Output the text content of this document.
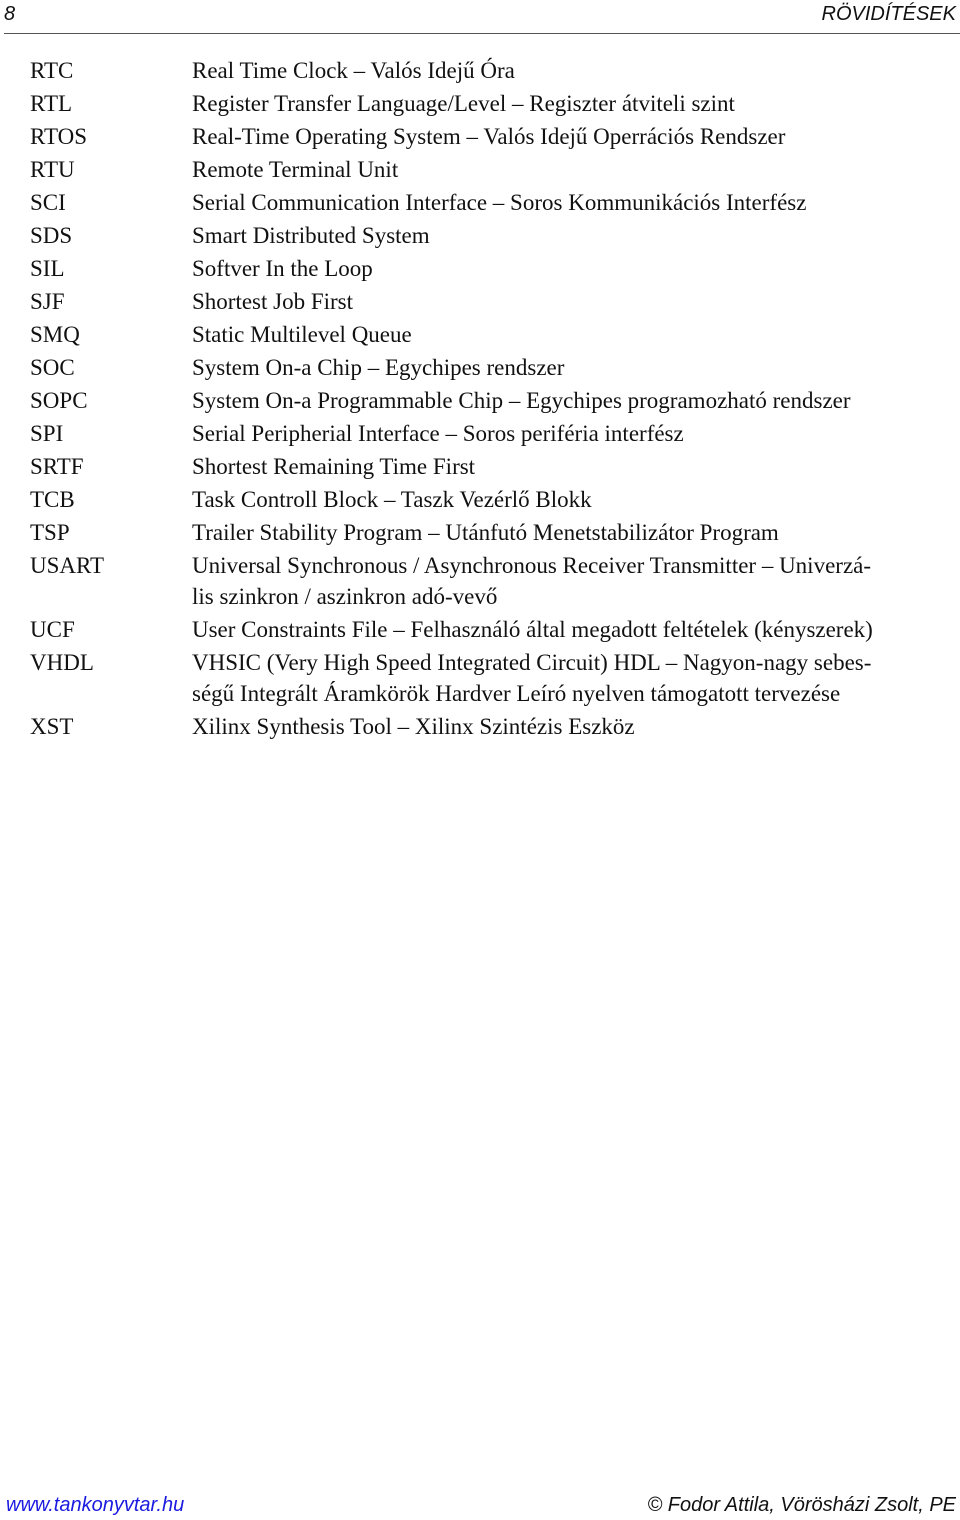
8	RÖVIDÍTÉSEK
RTC	Real Time Clock – Valós Idejű Óra
RTL	Register Transfer Language/Level – Regiszter átviteli szint
RTOS	Real-Time Operating System – Valós Idejű Operrációs Rendszer
RTU	Remote Terminal Unit
SCI	Serial Communication Interface – Soros Kommunikációs Interfész
SDS	Smart Distributed System
SIL	Softver In the Loop
SJF	Shortest Job First
SMQ	Static Multilevel Queue
SOC	System On-a Chip – Egychipes rendszer
SOPC	System On-a Programmable Chip – Egychipes programozható rendszer
SPI	Serial Peripherial Interface – Soros periféria interfész
SRTF	Shortest Remaining Time First
TCB	Task Controll Block – Taszk Vezérlő Blokk
TSP	Trailer Stability Program – Utánfutó Menetstabilizátor Program
USART	Universal Synchronous / Asynchronous Receiver Transmitter – Univerzá-
lis szinkron / aszinkron adó-vevő
UCF	User Constraints File – Felhasználó által megadott feltételek (kényszerek)
VHDL	VHSIC (Very High Speed Integrated Circuit) HDL – Nagyon-nagy sebes-
ségű Integrált Áramkörök Hardver Leíró nyelven támogatott tervezése
XST	Xilinx Synthesis Tool – Xilinx Szintézis Eszköz
www.tankonyvtar.hu	© Fodor Attila, Vörösházi Zsolt, PE
